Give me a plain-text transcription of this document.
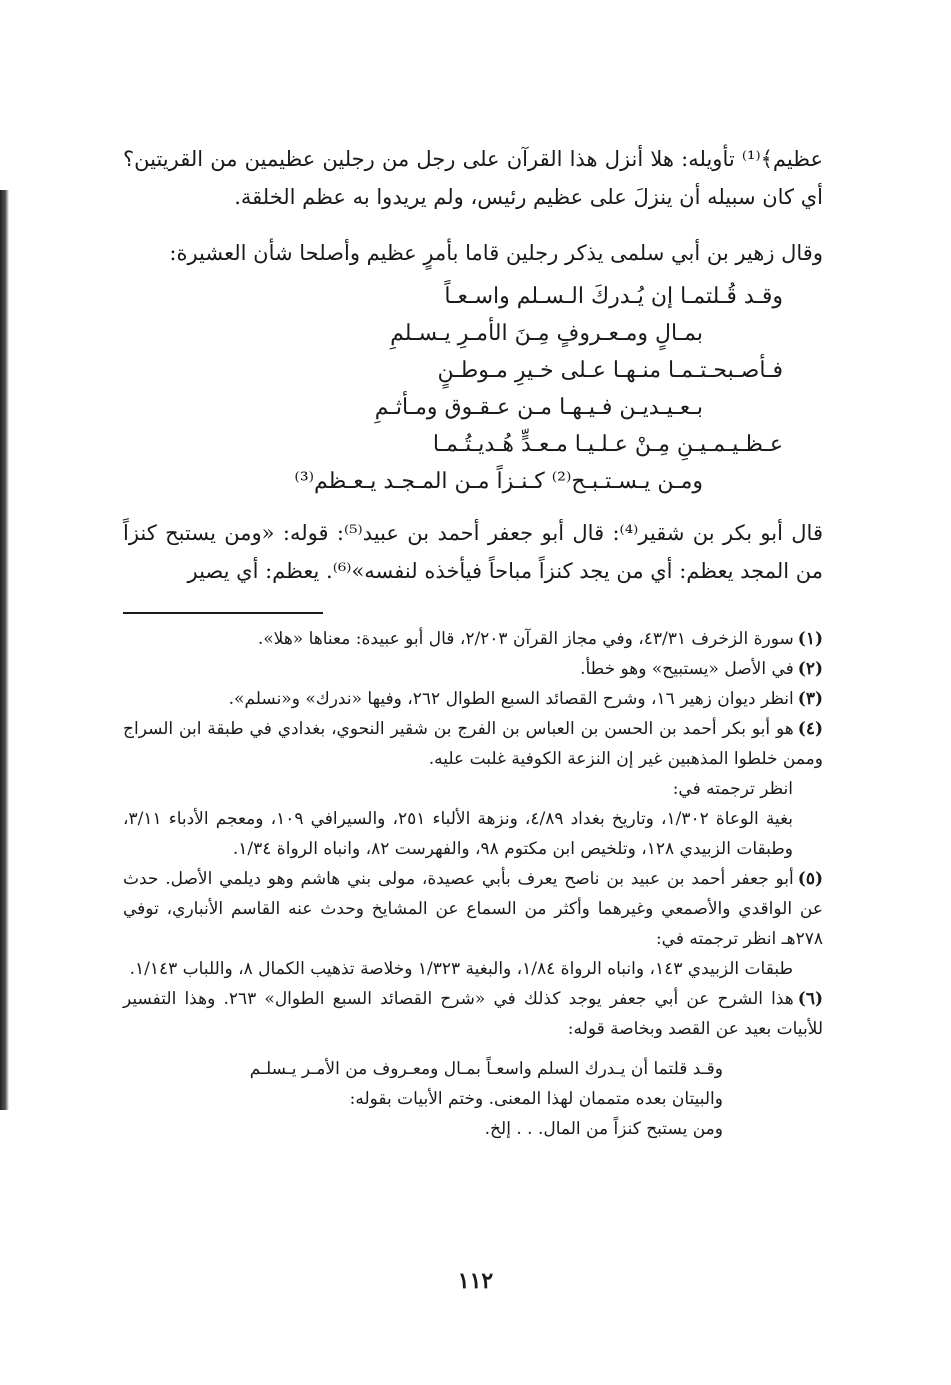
عظيم﴾⁽¹⁾ تأويله: هلا أنزل هذا القرآن على رجل من رجلين عظيمين من القريتين؟ أي كان سبيله أن ينزلَ على عظيم رئيس، ولم يريدوا به عظم الخلقة.

وقال زهير بن أبي سلمى يذكر رجلين قاما بأمرٍ عظيم وأصلحا شأن العشيرة:

وقـد قُـلتمـا إن يُـدركَ الـسـلم واسـعـاً
بمـالٍ ومـعـروفٍ مِـنَ الأمـرِ يـسـلمِ
فـأصـبحـتـمـا منـهـا عـلى خـيرِ مـوطـنٍ
بـعـيـديـن فـيـهـا مـن عـقـوق ومـأثـمِ
عـظـيـمـيـنِ مِـنْ عـلـيـا مـعـدٍّ هُـديـتُـمـا
ومـن يـسـتـبـح⁽²⁾ كـنـزاً مـن المـجـد يـعـظم⁽³⁾

قال أبو بكر بن شقير⁽⁴⁾: قال أبو جعفر أحمد بن عبيد⁽⁵⁾: قوله: «ومن يستبح كنزاً من المجد يعظم: أي من يجد كنزاً مباحاً فيأخذه لنفسه»⁽⁶⁾. يعظم: أي يصير

(١)سورة الزخرف ٤٣/٣١، وفي مجاز القرآن ٢/٢٠٣، قال أبو عبيدة: معناها «هلا».

(٢)في الأصل «يستبيح» وهو خطأ.

(٣)انظر ديوان زهير ١٦، وشرح القصائد السبع الطوال ٢٦٢، وفيها «ندرك» و«نسلم».

(٤)هو أبو بكر أحمد بن الحسن بن العباس بن الفرج بن شقير النحوي، بغدادي في طبقة ابن السراج وممن خلطوا المذهبين غير إن النزعة الكوفية غلبت عليه.

انظر ترجمته في:

بغية الوعاة ١/٣٠٢، وتاريخ بغداد ٤/٨٩، ونزهة الألباء ٢٥١، والسيرافي ١٠٩، ومعجم الأدباء ٣/١١، وطبقات الزبيدي ١٢٨، وتلخيص ابن مكتوم ٩٨، والفهرست ٨٢، وانباه الرواة ١/٣٤.

(٥)أبو جعفر أحمد بن عبيد بن ناصح يعرف بأبي عصيدة، مولى بني هاشم وهو ديلمي الأصل. حدث عن الواقدي والأصمعي وغيرهما وأكثر من السماع عن المشايخ وحدث عنه القاسم الأنباري، توفي ٢٧٨هـ انظر ترجمته في:

طبقات الزبيدي ١٤٣، وانباه الرواة ١/٨٤، والبغية ١/٣٢٣ وخلاصة تذهيب الكمال ٨، واللباب ١/١٤٣.

(٦)هذا الشرح عن أبي جعفر يوجد كذلك في «شرح القصائد السبع الطوال» ٢٦٣. وهذا التفسير للأبيات بعيد عن القصد وبخاصة قوله:

وقـد قلتما أن يـدرك السلم واسعـاً بمـال ومعـروف من الأمـر يـسلـم
والبيتان بعده متممان لهذا المعنى. وختم الأبيات بقوله:
ومن يستبح كنزاً من المال. . . إلخ.
١١٢
